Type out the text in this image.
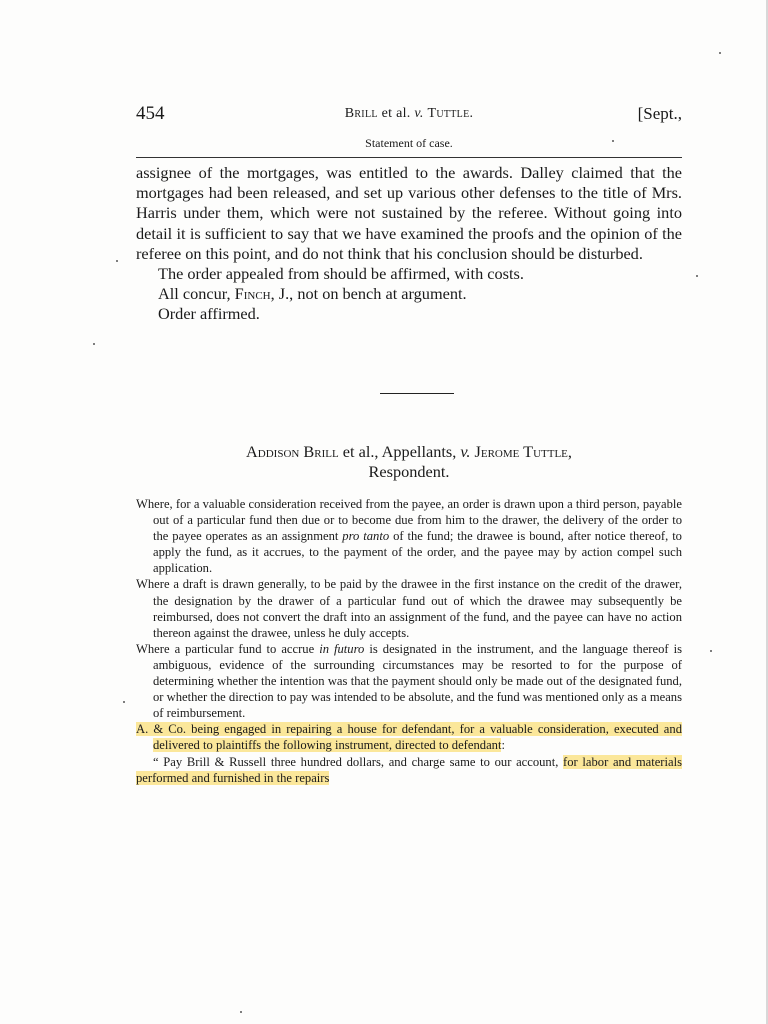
454	Brill et al. v. Tuttle.	[Sept.,
Statement of case.

assignee of the mortgages, was entitled to the awards. Dalley claimed that the mortgages had been released, and set up various other defenses to the title of Mrs. Harris under them, which were not sustained by the referee. Without going into detail it is sufficient to say that we have examined the proofs and the opinion of the referee on this point, and do not think that his conclusion should be disturbed.

The order appealed from should be affirmed, with costs.

All concur, Finch, J., not on bench at argument.

Order affirmed.

Addison Brill et al., Appellants, v. Jerome Tuttle,
Respondent.

Where, for a valuable consideration received from the payee, an order is drawn upon a third person, payable out of a particular fund then due or to become due from him to the drawer, the delivery of the order to the payee operates as an assignment pro tanto of the fund; the drawee is bound, after notice thereof, to apply the fund, as it accrues, to the payment of the order, and the payee may by action compel such application.

Where a draft is drawn generally, to be paid by the drawee in the first instance on the credit of the drawer, the designation by the drawer of a particular fund out of which the drawee may subsequently be reimbursed, does not convert the draft into an assignment of the fund, and the payee can have no action thereon against the drawee, unless he duly accepts.

Where a particular fund to accrue in futuro is designated in the instrument, and the language thereof is ambiguous, evidence of the surrounding circumstances may be resorted to for the purpose of determining whether the intention was that the payment should only be made out of the designated fund, or whether the direction to pay was intended to be absolute, and the fund was mentioned only as a means of reimbursement.

A. & Co. being engaged in repairing a house for defendant, for a valuable consideration, executed and delivered to plaintiffs the following instrument, directed to defendant:

“ Pay Brill & Russell three hundred dollars, and charge same to our account, for labor and materials performed and furnished in the repairs
